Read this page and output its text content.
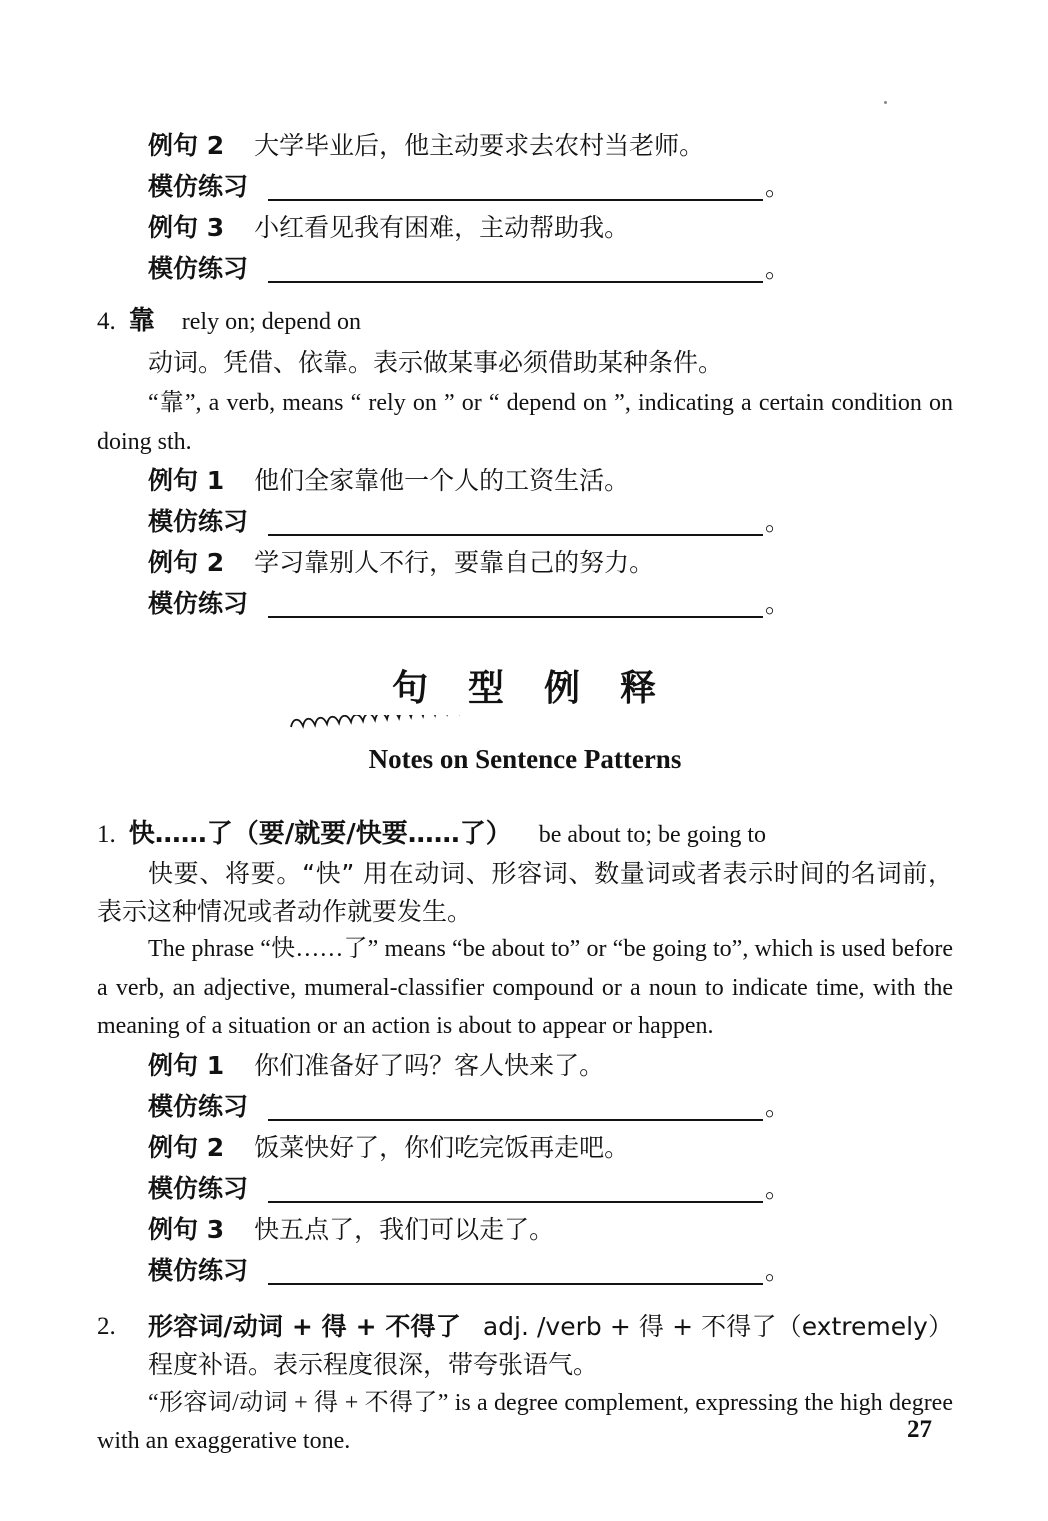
例句 2 大学毕业后，他主动要求去农村当老师。
模仿练习	。
例句 3 小红看见我有困难，主动帮助我。
模仿练习	。
4. 靠 rely on; depend on
动词。凭借、依靠。表示做某事必须借助某种条件。
“靠”, a verb, means “ rely on ” or “ depend on ”, indicating a certain condition on doing sth.
例句 1 他们全家靠他一个人的工资生活。
模仿练习	。
例句 2 学习靠别人不行，要靠自己的努力。
模仿练习	。
句　型　例　释
Notes on Sentence Patterns
1. 快……了（要/就要/快要……了） be about to; be going to
快要、将要。“快” 用在动词、形容词、数量词或者表示时间的名词前，表示这种情况或者动作就要发生。
The phrase “快……了” means “be about to” or “be going to”, which is used before a verb, an adjective, mumeral-classifier compound or a noun to indicate time, with the meaning of a situation or an action is about to appear or happen.
例句 1 你们准备好了吗？客人快来了。
模仿练习	。
例句 2 饭菜快好了，你们吃完饭再走吧。
模仿练习	。
例句 3 快五点了，我们可以走了。
模仿练习	。
2. 形容词/动词 + 得 + 不得了 adj. /verb + 得 + 不得了（extremely）程度补语。表示程度很深，带夸张语气。
“形容词/动词 + 得 + 不得了” is a degree complement, expressing the high degree with an exaggerative tone.	27
